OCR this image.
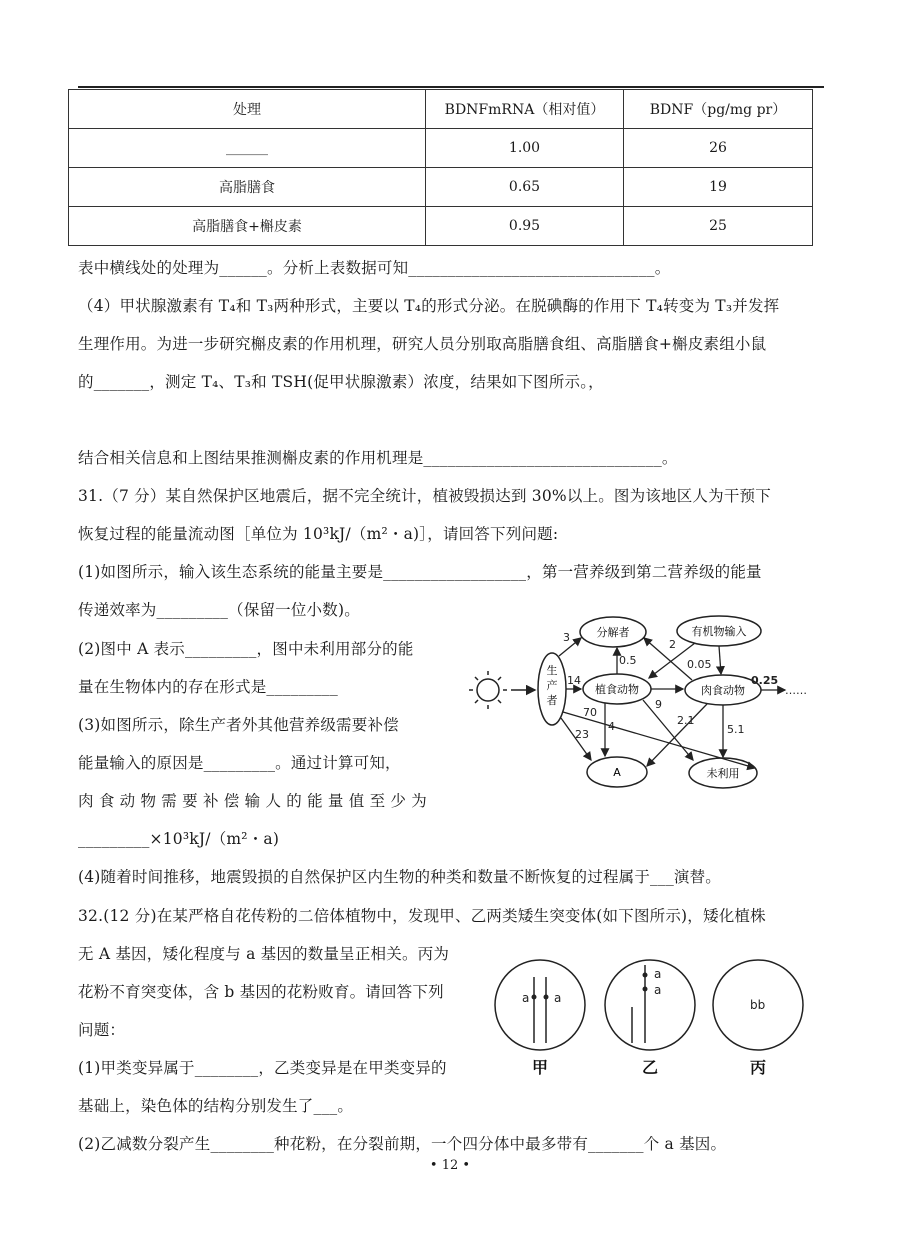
处理	BDNFmRNA（相对值）	BDNF（pg/mg pr）
______	1.00	26
高脂膳食	0.65	19
高脂膳食+槲皮素	0.95	25
表中横线处的处理为______。分析上表数据可知_______________________________。
（4）甲状腺激素有 T₄和 T₃两种形式，主要以 T₄的形式分泌。在脱碘酶的作用下 T₄转变为 T₃并发挥
生理作用。为进一步研究槲皮素的作用机理，研究人员分别取高脂膳食组、高脂膳食+槲皮素组小鼠
的_______，测定 T₄、T₃和 TSH(促甲状腺激素）浓度，结果如下图所示。，
结合相关信息和上图结果推测槲皮素的作用机理是______________________________。
31.（7 分）某自然保护区地震后，据不完全统计，植被毁损达到 30%以上。图为该地区人为干预下
恢复过程的能量流动图［单位为 10³kJ/（m²・a)］，请回答下列问题:
(1)如图所示，输入该生态系统的能量主要是__________________，第一营养级到第二营养级的能量
传递效率为_________（保留一位小数)。
(2)图中 A 表示_________，图中未利用部分的能
量在生物体内的存在形式是_________
(3)如图所示，除生产者外其他营养级需要补偿
能量输入的原因是_________。通过计算可知，
肉 食 动 物 需 要 补 偿 输 人 的 能 量 值 至 少 为
_________×10³kJ/（m²・a)
(4)随着时间推移，地震毁损的自然保护区内生物的种类和数量不断恢复的过程属于___演替。
32.(12 分)在某严格自花传粉的二倍体植物中，发现甲、乙两类矮生突变体(如下图所示)，矮化植株
无 A 基因，矮化程度与 a 基因的数量呈正相关。丙为
花粉不育突变体，含 b 基因的花粉败育。请回答下列
问题：
(1)甲类变异属于________，乙类变异是在甲类变异的
基础上，染色体的结构分别发生了___。
(2)乙减数分裂产生________种花粉，在分裂前期，一个四分体中最多带有_______个 a 基因。
生
产
者
分解者	有机物输入
植食动物	肉食动物
A	未利用
3
14
70
23
0.5
4
9
2
0.05
2.1
5.1
0.25
……
a a
a
a
bb
甲	乙	丙
• 12 •
